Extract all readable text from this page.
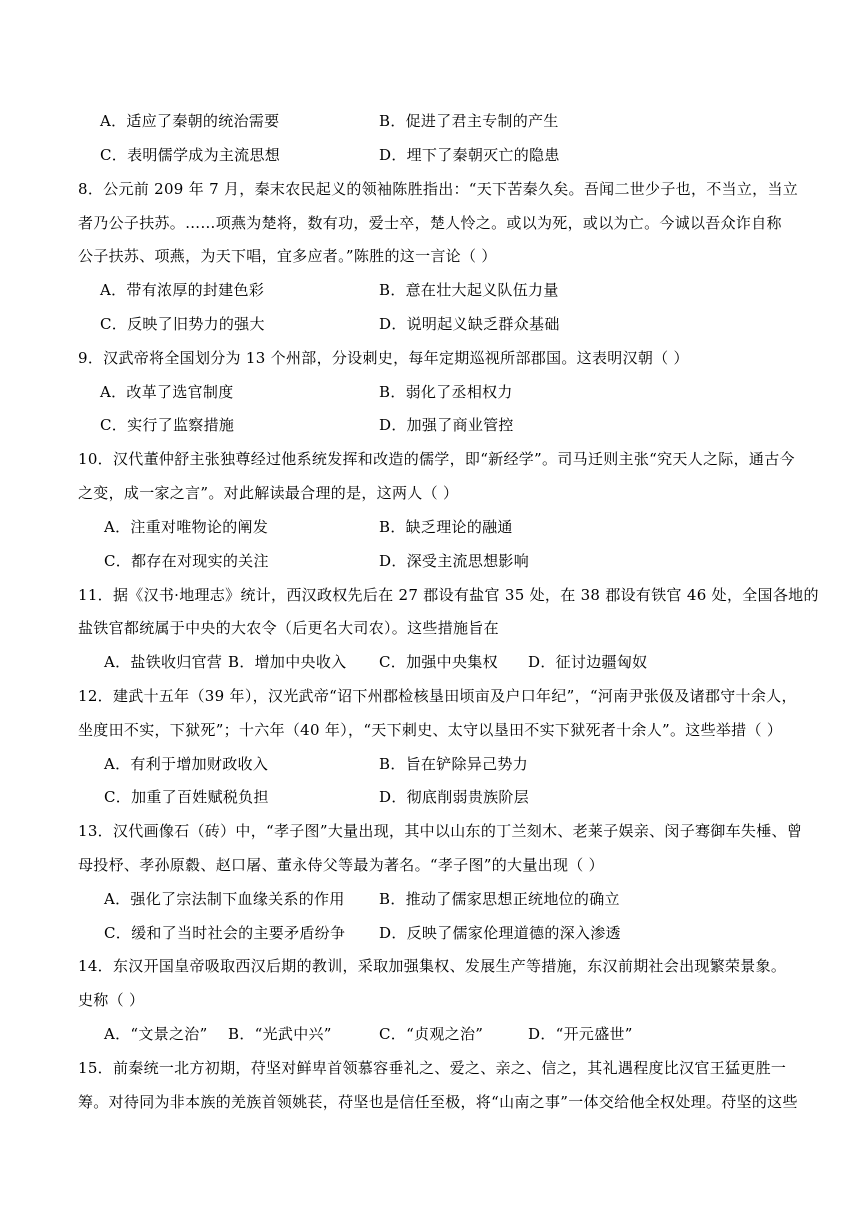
A．适应了秦朝的统治需要	B．促进了君主专制的产生
C．表明儒学成为主流思想	D．埋下了秦朝灭亡的隐患
8．公元前 209 年 7 月，秦末农民起义的领袖陈胜指出：“天下苦秦久矣。吾闻二世少子也，不当立，当立
者乃公子扶苏。……项燕为楚将，数有功，爱士卒，楚人怜之。或以为死，或以为亡。今诚以吾众诈自称
公子扶苏、项燕，为天下唱，宜多应者。”陈胜的这一言论（ ）
A．带有浓厚的封建色彩	B．意在壮大起义队伍力量
C．反映了旧势力的强大	D．说明起义缺乏群众基础
9．汉武帝将全国划分为 13 个州部，分设刺史，每年定期巡视所部郡国。这表明汉朝（ ）
A．改革了选官制度	B．弱化了丞相权力
C．实行了监察措施	D．加强了商业管控
10．汉代董仲舒主张独尊经过他系统发挥和改造的儒学，即“新经学”。司马迁则主张“究天人之际，通古今
之变，成一家之言”。对此解读最合理的是，这两人（ ）
A．注重对唯物论的阐发	B．缺乏理论的融通
C．都存在对现实的关注	D．深受主流思想影响
11．据《汉书·地理志》统计，西汉政权先后在 27 郡设有盐官 35 处，在 38 郡设有铁官 46 处，全国各地的
盐铁官都统属于中央的大农令（后更名大司农）。这些措施旨在
A．盐铁收归官营 B．增加中央收入 C．加强中央集权 D．征讨边疆匈奴
12．建武十五年（39 年），汉光武帝“诏下州郡检核垦田顷亩及户口年纪”，“河南尹张伋及诸郡守十余人，
坐度田不实，下狱死”；十六年（40 年），“天下刺史、太守以垦田不实下狱死者十余人”。这些举措（ ）
A．有利于增加财政收入	B．旨在铲除异己势力
C．加重了百姓赋税负担	D．彻底削弱贵族阶层
13．汉代画像石（砖）中，“孝子图”大量出现，其中以山东的丁兰刻木、老莱子娱亲、闵子骞御车失棰、曾
母投杼、孝孙原縠、赵口屠、董永侍父等最为著名。“孝子图”的大量出现（ ）
A．强化了宗法制下血缘关系的作用 B．推动了儒家思想正统地位的确立
C．缓和了当时社会的主要矛盾纷争 D．反映了儒家伦理道德的深入渗透
14．东汉开国皇帝吸取西汉后期的教训，采取加强集权、发展生产等措施，东汉前期社会出现繁荣景象。
史称（ ）
A．“文景之治” B．“光武中兴”	C．“贞观之治”	D．“开元盛世”
15．前秦统一北方初期，苻坚对鲜卑首领慕容垂礼之、爱之、亲之、信之，其礼遇程度比汉官王猛更胜一
筹。对待同为非本族的羌族首领姚苌，苻坚也是信任至极，将“山南之事”一体交给他全权处理。苻坚的这些
